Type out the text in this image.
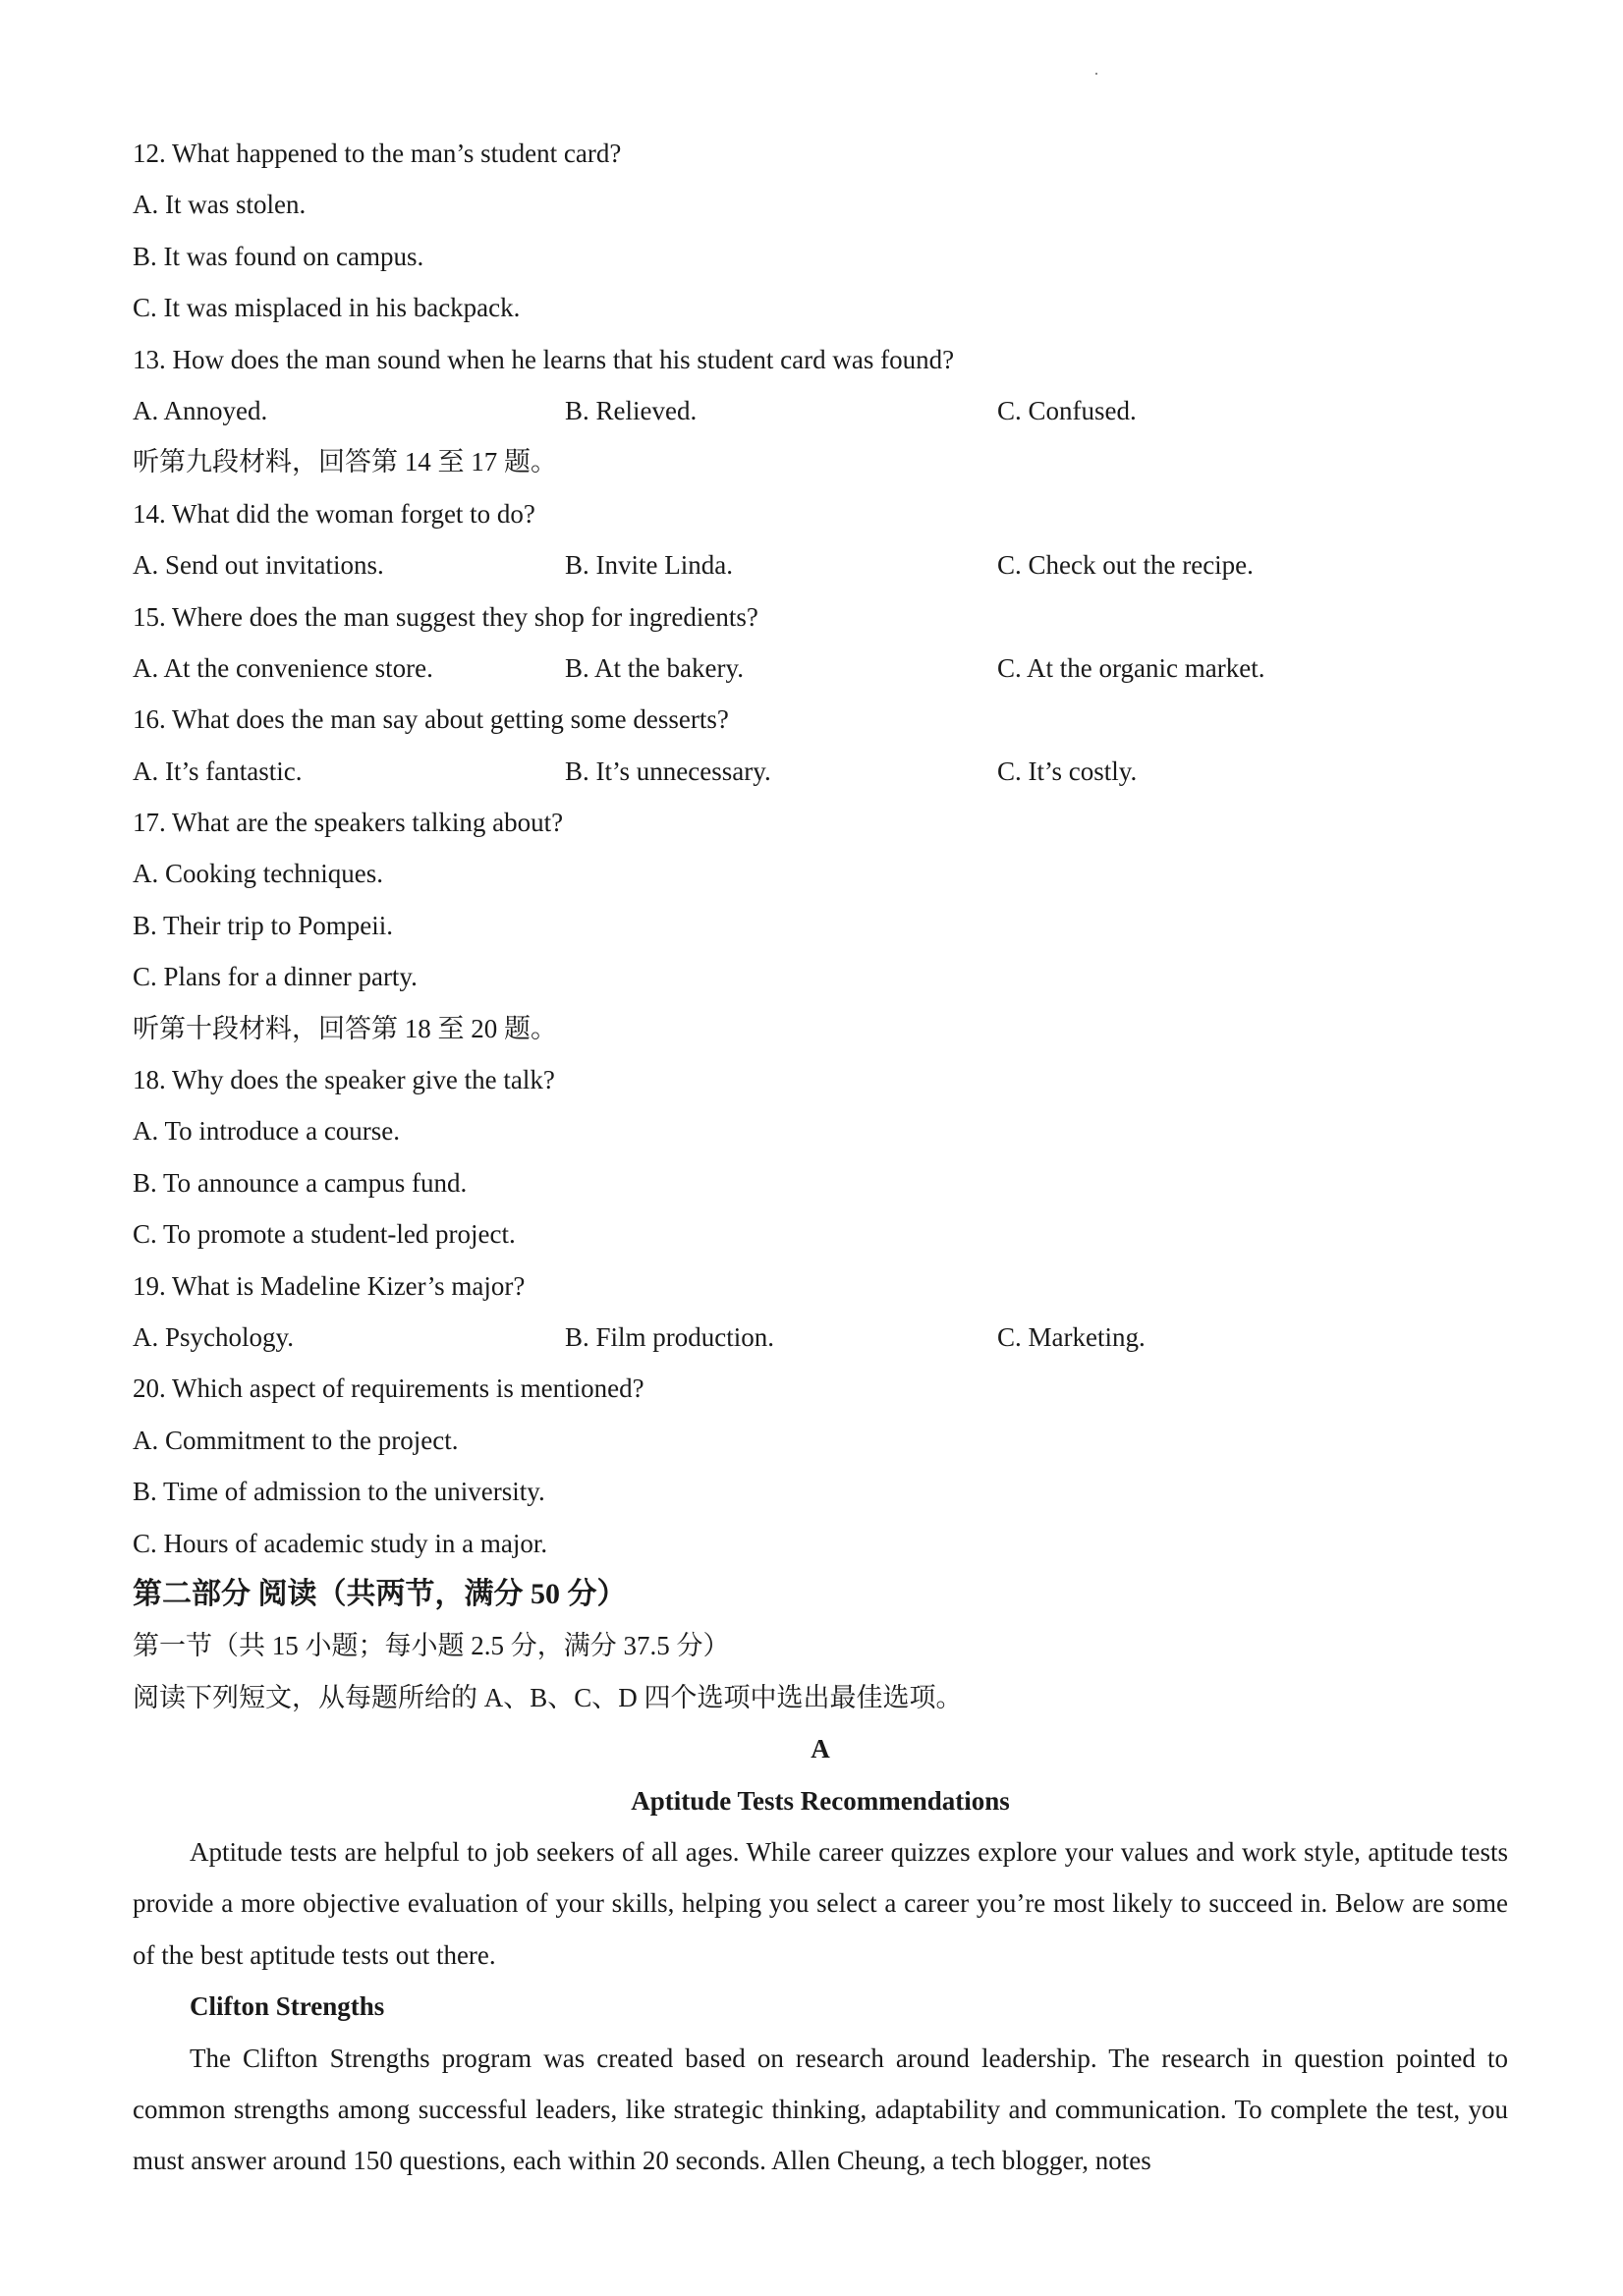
12. What happened to the man’s student card?
A. It was stolen.
B. It was found on campus.
C. It was misplaced in his backpack.
13. How does the man sound when he learns that his student card was found?
A. Annoyed.	B. Relieved.	C. Confused.
听第九段材料，回答第 14 至 17 题。
14. What did the woman forget to do?
A. Send out invitations.	B. Invite Linda.	C. Check out the recipe.
15. Where does the man suggest they shop for ingredients?
A. At the convenience store.	B. At the bakery.	C. At the organic market.
16. What does the man say about getting some desserts?
A. It’s fantastic.	B. It’s unnecessary.	C. It’s costly.
17. What are the speakers talking about?
A. Cooking techniques.
B. Their trip to Pompeii.
C. Plans for a dinner party.
听第十段材料，回答第 18 至 20 题。
18. Why does the speaker give the talk?
A. To introduce a course.
B. To announce a campus fund.
C. To promote a student-led project.
19. What is Madeline Kizer’s major?
A. Psychology.	B. Film production.	C. Marketing.
20. Which aspect of requirements is mentioned?
A. Commitment to the project.
B. Time of admission to the university.
C. Hours of academic study in a major.
第二部分 阅读（共两节，满分 50 分）
第一节（共 15 小题；每小题 2.5 分，满分 37.5 分）
阅读下列短文，从每题所给的 A、B、C、D 四个选项中选出最佳选项。
A
Aptitude Tests Recommendations
Aptitude tests are helpful to job seekers of all ages. While career quizzes explore your values and work style, aptitude tests provide a more objective evaluation of your skills, helping you select a career you’re most likely to succeed in. Below are some of the best aptitude tests out there.
Clifton Strengths
The Clifton Strengths program was created based on research around leadership. The research in question pointed to common strengths among successful leaders, like strategic thinking, adaptability and communication. To complete the test, you must answer around 150 questions, each within 20 seconds. Allen Cheung, a tech blogger, notes
